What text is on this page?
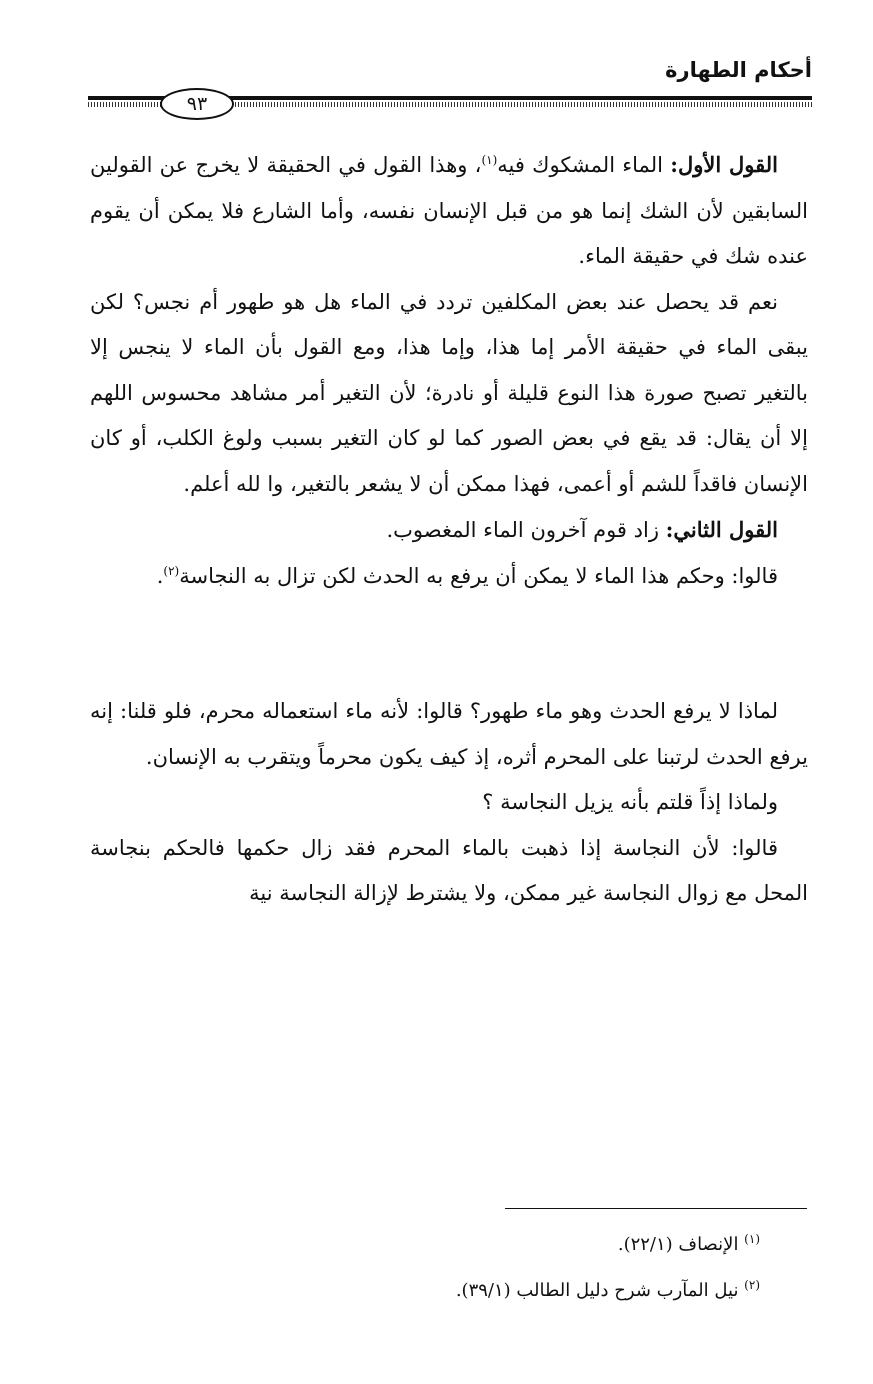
أحكام الطهارة
٩٣

القول الأول: الماء المشكوك فيه$^{(١)}$، وهذا القول في الحقيقة لا يخرج عن القولين السابقين لأن الشك إنما هو من قبل الإنسان نفسه، وأما الشارع فلا يمكن أن يقوم عنده شك في حقيقة الماء.

نعم قد يحصل عند بعض المكلفين تردد في الماء هل هو طهور أم نجس؟ لكن يبقى الماء في حقيقة الأمر إما هذا، وإما هذا، ومع القول بأن الماء لا ينجس إلا بالتغير تصبح صورة هذا النوع قليلة أو نادرة؛ لأن التغير أمر مشاهد محسوس اللهم إلا أن يقال: قد يقع في بعض الصور كما لو كان التغير بسبب ولوغ الكلب، أو كان الإنسان فاقداً للشم أو أعمى، فهذا ممكن أن لا يشعر بالتغير، وا لله أعلم.

القول الثاني: زاد قوم آخرون الماء المغصوب.

قالوا: وحكم هذا الماء لا يمكن أن يرفع به الحدث لكن تزال به النجاسة$^{(٢)}$.

لماذا لا يرفع الحدث وهو ماء طهور؟ قالوا: لأنه ماء استعماله محرم، فلو قلنا: إنه يرفع الحدث لرتبنا على المحرم أثره، إذ كيف يكون محرماً ويتقرب به الإنسان.

ولماذا إذاً قلتم بأنه يزيل النجاسة ؟

قالوا: لأن النجاسة إذا ذهبت بالماء المحرم فقد زال حكمها فالحكم بنجاسة المحل مع زوال النجاسة غير ممكن، ولا يشترط لإزالة النجاسة نية

$^{(١)}$ الإنصاف (٢٢/١).
$^{(٢)}$ نيل المآرب شرح دليل الطالب (٣٩/١).
